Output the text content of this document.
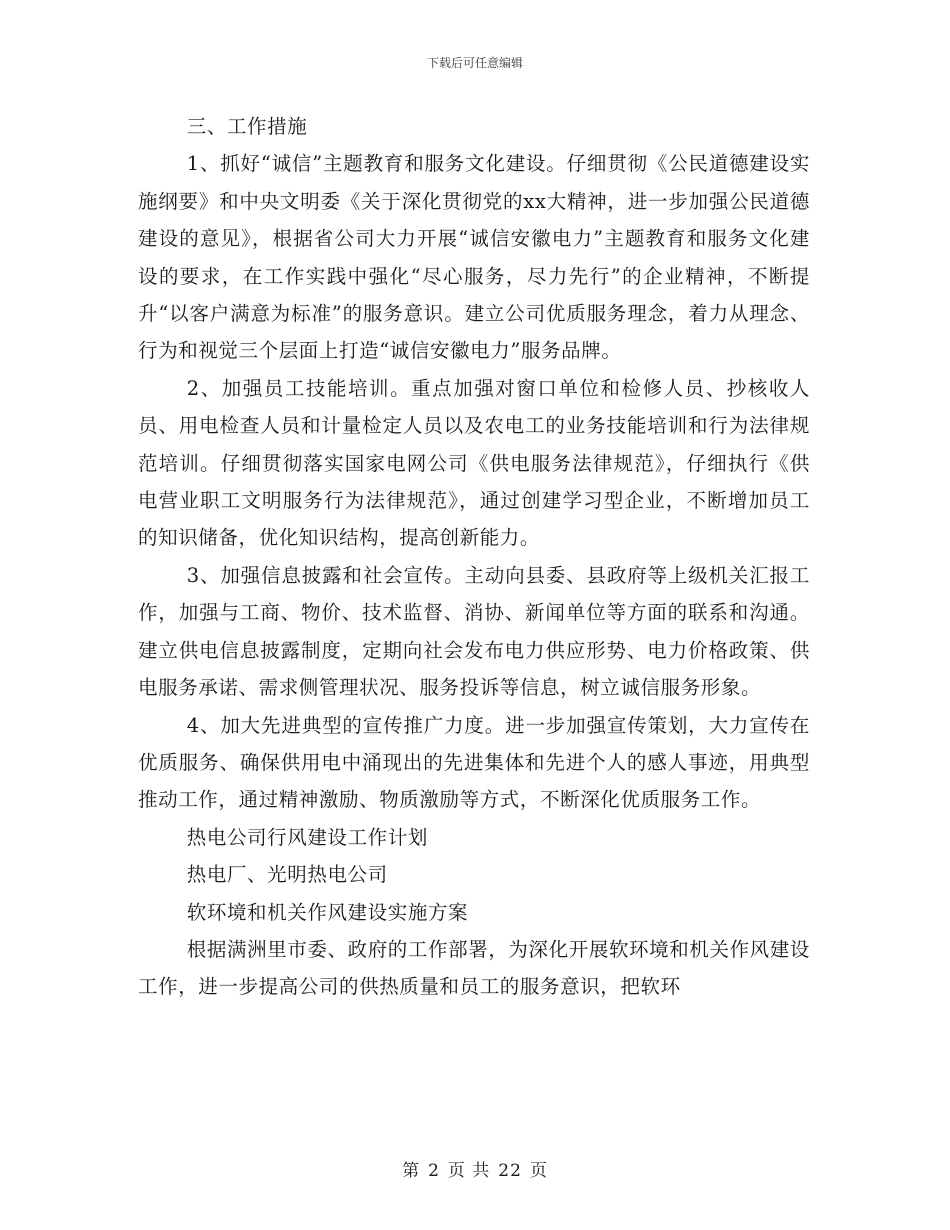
下载后可任意编辑

三、工作措施

1、抓好“诚信”主题教育和服务文化建设。仔细贯彻《公民道德建设实施纲要》和中央文明委《关于深化贯彻党的xx大精神，进一步加强公民道德建设的意见》，根据省公司大力开展“诚信安徽电力”主题教育和服务文化建设的要求，在工作实践中强化“尽心服务，尽力先行”的企业精神，不断提升“以客户满意为标准”的服务意识。建立公司优质服务理念，着力从理念、行为和视觉三个层面上打造“诚信安徽电力”服务品牌。

2、加强员工技能培训。重点加强对窗口单位和检修人员、抄核收人员、用电检查人员和计量检定人员以及农电工的业务技能培训和行为法律规范培训。仔细贯彻落实国家电网公司《供电服务法律规范》，仔细执行《供电营业职工文明服务行为法律规范》，通过创建学习型企业，不断增加员工的知识储备，优化知识结构，提高创新能力。

3、加强信息披露和社会宣传。主动向县委、县政府等上级机关汇报工作，加强与工商、物价、技术监督、消协、新闻单位等方面的联系和沟通。建立供电信息披露制度，定期向社会发布电力供应形势、电力价格政策、供电服务承诺、需求侧管理状况、服务投诉等信息，树立诚信服务形象。

4、加大先进典型的宣传推广力度。进一步加强宣传策划，大力宣传在优质服务、确保供用电中涌现出的先进集体和先进个人的感人事迹，用典型推动工作，通过精神激励、物质激励等方式，不断深化优质服务工作。

热电公司行风建设工作计划

热电厂、光明热电公司

软环境和机关作风建设实施方案

根据满洲里市委、政府的工作部署，为深化开展软环境和机关作风建设工作，进一步提高公司的供热质量和员工的服务意识，把软环

第 2 页 共 22 页
